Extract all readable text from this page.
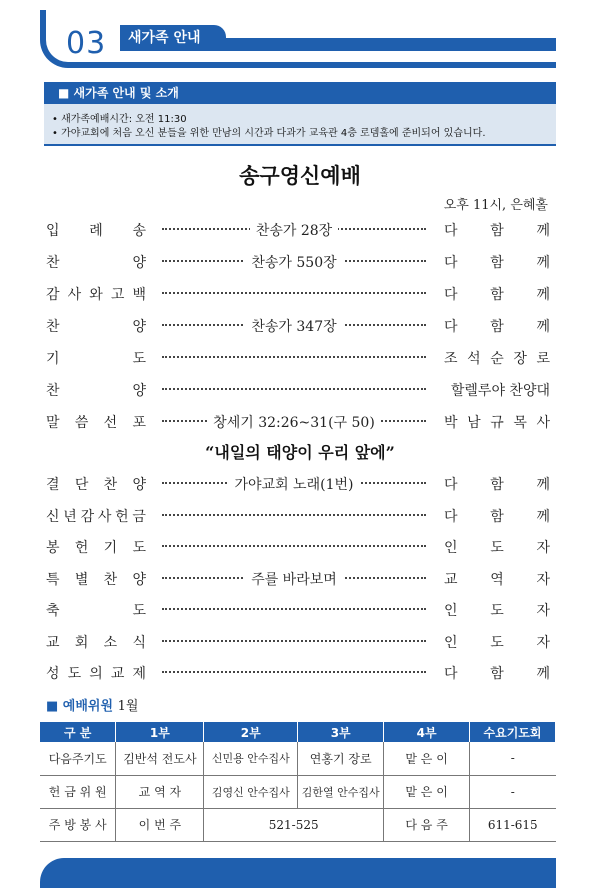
03	새가족 안내
■ 새가족 안내 및 소개
• 새가족예배시간: 오전 11:30
• 가야교회에 처음 오신 분들을 위한 만남의 시간과 다과가 교육관 4층 로뎀홀에 준비되어 있습니다.
송구영신예배
오후 11시, 은혜홀
입 례 송	찬송가 28장	다 함 께
찬	양	찬송가 550장	다 함 께
감 사 와 고 백	다 함 께
찬	양	찬송가 347장	다 함 께
기	도	조 석 순 장 로
찬	양	할렐루야 찬양대
말 씀 선 포	창세기 32:26~31(구 50)	박 남 규 목 사
결 단 찬 양	가야교회 노래(1번)	다 함 께
신 년 감 사 헌 금	다 함 께
봉 헌 기 도	인 도 자
특 별 찬 양	주를 바라보며	교 역 자
축	도	인 도 자
교 회 소 식	인 도 자
성 도 의 교 제	다 함 께
“내일의 태양이 우리 앞에”
■ 예배위원 1월
구 분	1부	2부	3부	4부	수요기도회
다음주기도	김반석 전도사	신민용 안수집사	연홍기 장로	맡 은 이	-
헌 금 위 원	교 역 자	김영신 안수집사	김한열 안수집사	맡 은 이	-
주 방 봉 사	이 번 주	521-525		다 음 주	611-615
